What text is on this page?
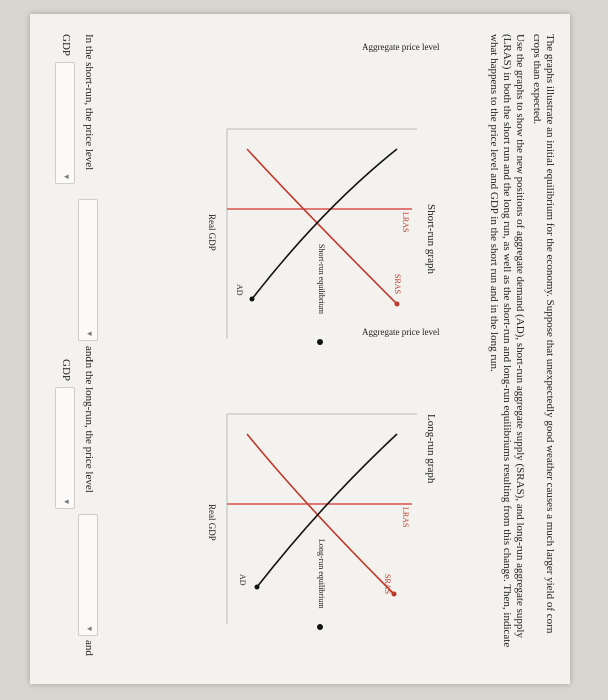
The graphs illustrate an initial equilibrium for the economy. Suppose that unexpectedly good weather causes a much larger yield of corn crops than expected.

Use the graphs to show the new positions of aggregate demand (AD), short-run aggregate supply (SRAS), and long-run aggregate supply (LRAS) in both the short run and the long run, as well as the short-run and long-run equilibriums resulting from this change. Then, indicate what happens to the price level and GDP in the short run and in the long run.

Short-run graph
Aggregate price level
LRAS
SRAS
AD	Short-run equilibrium
Real GDP
Long-run graph
Aggregate price level
LRAS
SRAS
AD	Long-run equilibrium
Real GDP
In the short-run, the price level
▾
and
GDP
▾
In the long-run, the price level
▾
and
GDP
▾
